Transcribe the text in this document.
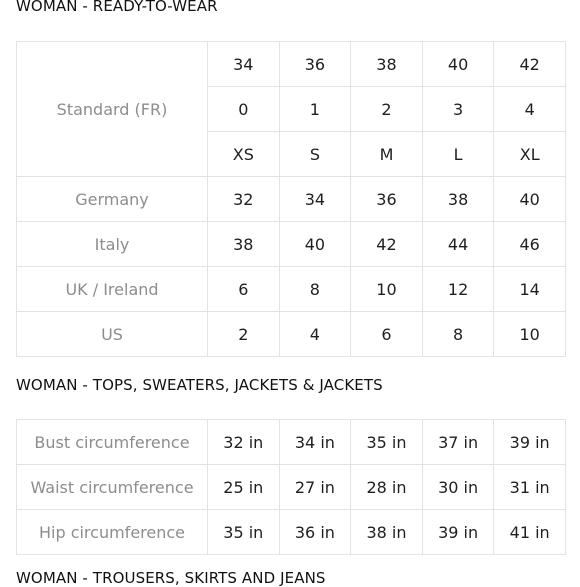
WOMAN - READY-TO-WEAR
Standard (FR)	34	36	38	40	42
	0	1	2	3	4
	XS	S	M	L	XL
Germany	32	34	36	38	40
Italy	38	40	42	44	46
UK / Ireland	6	8	10	12	14
US	2	4	6	8	10
WOMAN - TOPS, SWEATERS, JACKETS & JACKETS
Bust circumference	32 in	34 in	35 in	37 in	39 in
Waist circumference	25 in	27 in	28 in	30 in	31 in
Hip circumference	35 in	36 in	38 in	39 in	41 in
WOMAN - TROUSERS, SKIRTS AND JEANS
